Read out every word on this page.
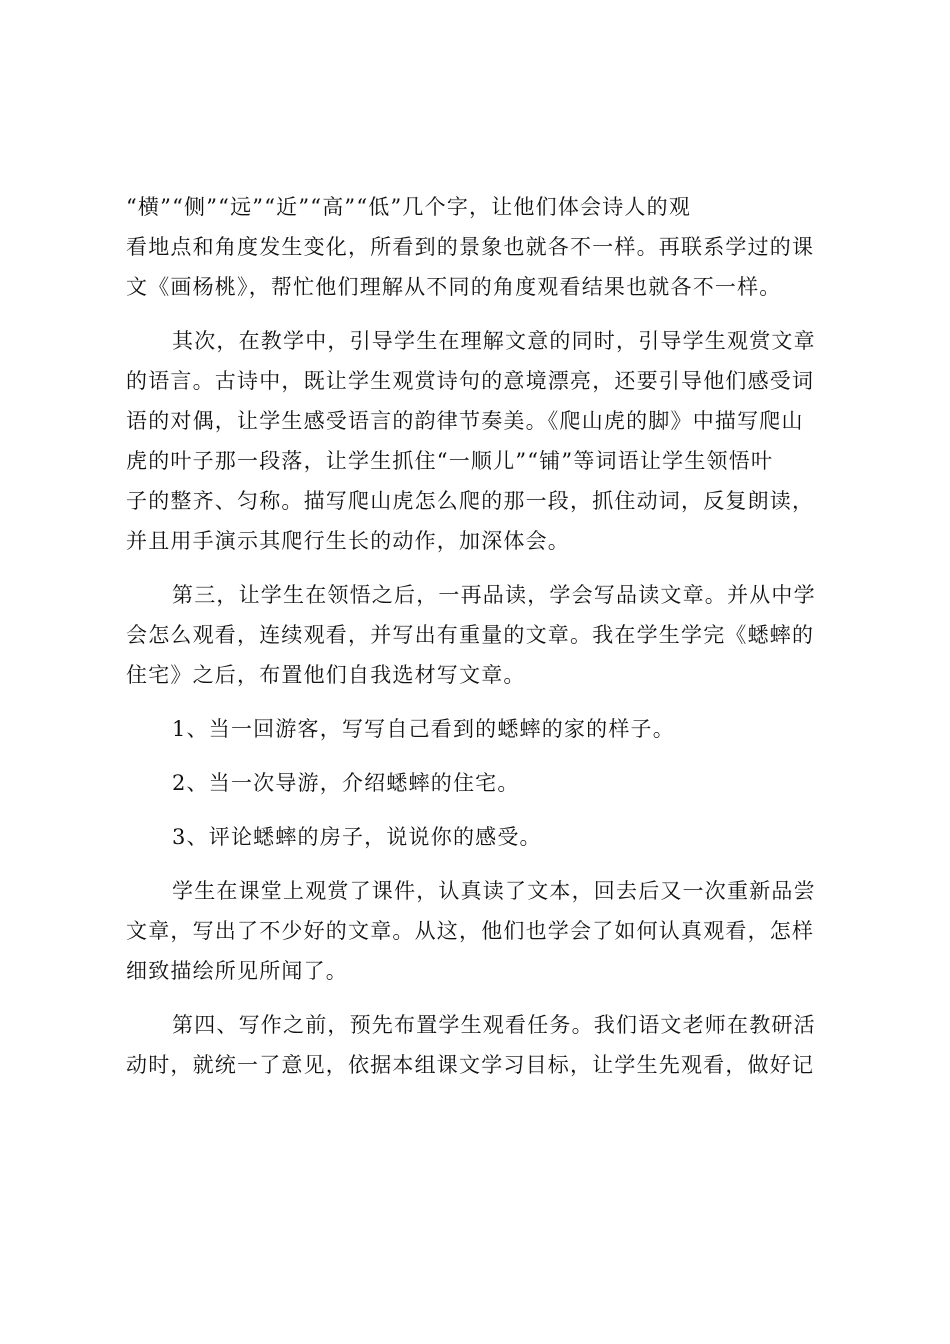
“横”“侧”“远”“近”“高”“低”几个字，让他们体会诗人的观
看地点和角度发生变化，所看到的景象也就各不一样。再联系学过的课
文《画杨桃》，帮忙他们理解从不同的角度观看结果也就各不一样。
其次，在教学中，引导学生在理解文意的同时，引导学生观赏文章
的语言。古诗中，既让学生观赏诗句的意境漂亮，还要引导他们感受词
语的对偶，让学生感受语言的韵律节奏美。《爬山虎的脚》中描写爬山
虎的叶子那一段落，让学生抓住“一顺儿”“铺”等词语让学生领悟叶
子的整齐、匀称。描写爬山虎怎么爬的那一段，抓住动词，反复朗读，
并且用手演示其爬行生长的动作，加深体会。
第三，让学生在领悟之后，一再品读，学会写品读文章。并从中学
会怎么观看，连续观看，并写出有重量的文章。我在学生学完《蟋蟀的
住宅》之后，布置他们自我选材写文章。
1、当一回游客，写写自己看到的蟋蟀的家的样子。
2、当一次导游，介绍蟋蟀的住宅。
3、评论蟋蟀的房子，说说你的感受。
学生在课堂上观赏了课件，认真读了文本，回去后又一次重新品尝
文章，写出了不少好的文章。从这，他们也学会了如何认真观看，怎样
细致描绘所见所闻了。
第四、写作之前，预先布置学生观看任务。我们语文老师在教研活
动时，就统一了意见，依据本组课文学习目标，让学生先观看，做好记
